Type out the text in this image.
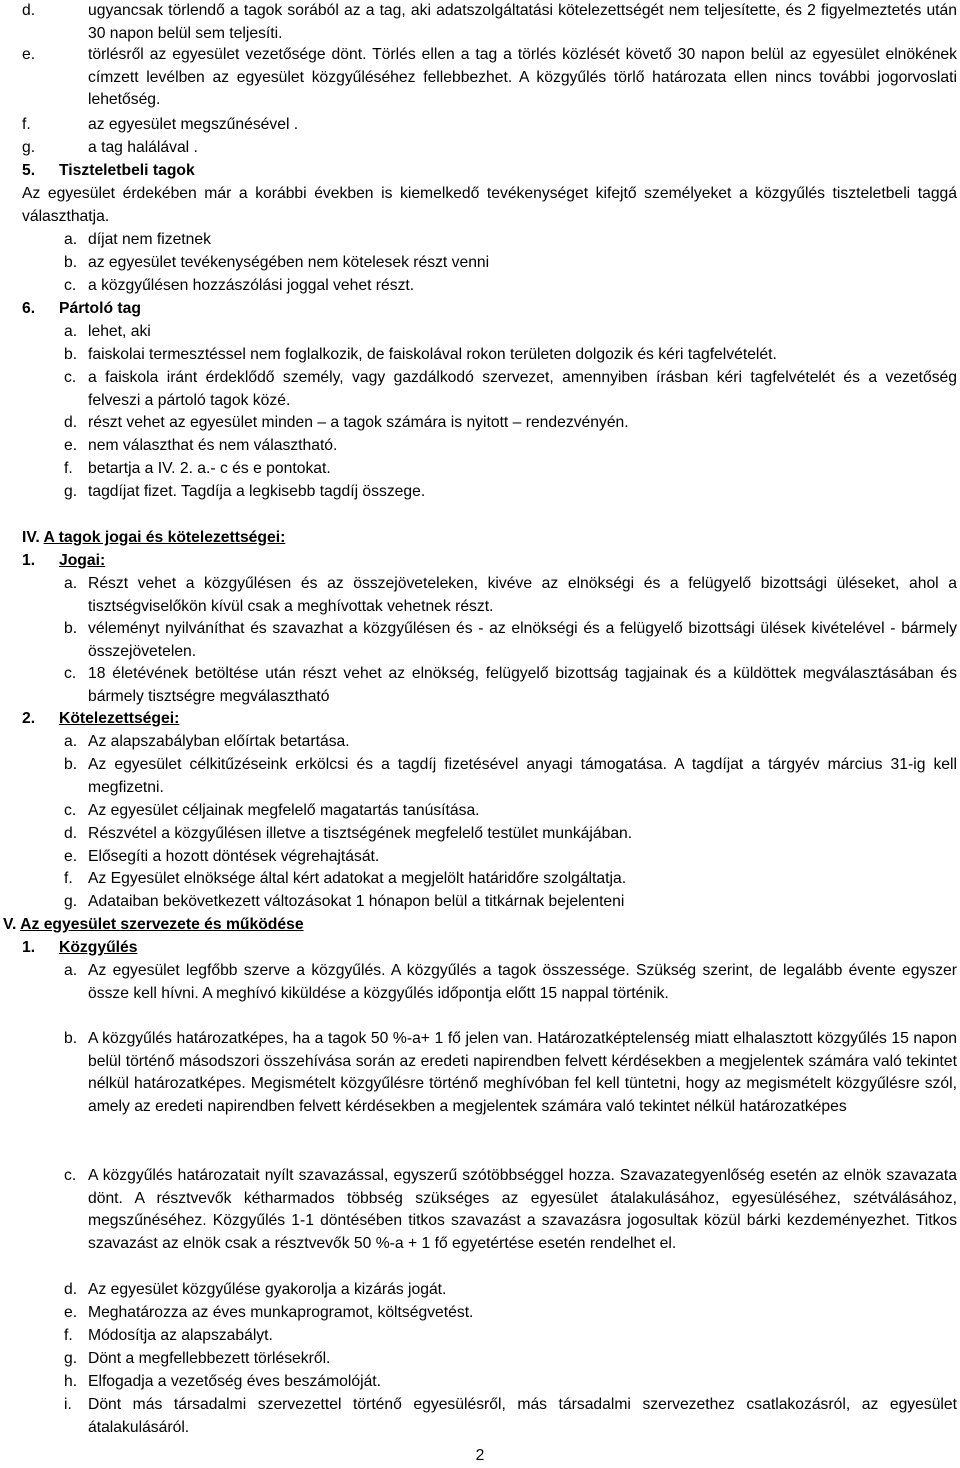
d.	ugyancsak törlendő a tagok sorából az a tag, aki adatszolgáltatási kötelezettségét nem teljesítette, és 2 figyelmeztetés után 30 napon belül sem teljesíti.
e.	törlésről az egyesület vezetősége dönt. Törlés ellen a tag a törlés közlését követő 30 napon belül az egyesület elnökének címzett levélben az egyesület közgyűléséhez fellebbezhet. A közgyűlés törlő határozata ellen nincs további jogorvoslati lehetőség.
f.	az egyesület megszűnésével .
g.	a tag halálával .
5.	Tiszteletbeli tagok
Az egyesület érdekében már a korábbi években is kiemelkedő tevékenységet kifejtő személyeket a közgyűlés tiszteletbeli taggá választhatja.
a. díjat nem fizetnek
b. az egyesület tevékenységében nem kötelesek részt venni
c. a közgyűlésen hozzászólási joggal vehet részt.
6.	Pártoló tag
a. lehet, aki
b. faiskolai termesztéssel nem foglalkozik, de faiskolával rokon területen dolgozik és kéri tagfelvételét.
c. a faiskola iránt érdeklődő személy, vagy gazdálkodó szervezet, amennyiben írásban kéri tagfelvételét és a vezetőség felveszi a pártoló tagok közé.
d. részt vehet az egyesület minden – a tagok számára is nyitott – rendezvényén.
e. nem választhat és nem választható.
f. betartja a IV. 2. a.- c és e pontokat.
g. tagdíjat fizet. Tagdíja a legkisebb tagdíj összege.
IV. A tagok jogai és kötelezettségei:
1. Jogai:
a. Részt vehet a közgyűlésen és az összejöveteleken, kivéve az elnökségi és a felügyelő bizottsági üléseket, ahol a tisztségviselőkön kívül csak a meghívottak vehetnek részt.
b. véleményt nyilváníthat és szavazhat a közgyűlésen és - az elnökségi és a felügyelő bizottsági ülések kivételével - bármely összejövetelen.
c. 18 életévének betöltése után részt vehet az elnökség, felügyelő bizottság tagjainak és a küldöttek megválasztásában és bármely tisztségre megválasztható
2. Kötelezettségei:
a. Az alapszabályban előírtak betartása.
b. Az egyesület célkitűzéseink erkölcsi és a tagdíj fizetésével anyagi támogatása. A tagdíjat a tárgyév március 31-ig kell megfizetni.
c. Az egyesület céljainak megfelelő magatartás tanúsítása.
d. Részvétel a közgyűlésen illetve a tisztségének megfelelő testület munkájában.
e. Elősegíti a hozott döntések végrehajtását.
f. Az Egyesület elnöksége által kért adatokat a megjelölt határidőre szolgáltatja.
g. Adataiban bekövetkezett változásokat 1 hónapon belül a titkárnak bejelenteni
V. Az egyesület szervezete és működése
1. Közgyűlés
a. Az egyesület legfőbb szerve a közgyűlés. A közgyűlés a tagok összessége. Szükség szerint, de legalább évente egyszer össze kell hívni. A meghívó kiküldése a közgyűlés időpontja előtt 15 nappal történik.
b. A közgyűlés határozatképes, ha a tagok 50 %-a+ 1 fő jelen van. Határozatképtelenség miatt elhalasztott közgyűlés 15 napon belül történő másodszori összehívása során az eredeti napirendben felvett kérdésekben a megjelentek számára való tekintet nélkül határozatképes. Megismételt közgyűlésre történő meghívóban fel kell tüntetni, hogy az megismételt közgyűlésre szól, amely az eredeti napirendben felvett kérdésekben a megjelentek számára való tekintet nélkül határozatképes
c. A közgyűlés határozatait nyílt szavazással, egyszerű szótöbbséggel hozza. Szavazategyenlőség esetén az elnök szavazata dönt. A résztvevők kétharmados többség szükséges az egyesület átalakulásához, egyesüléséhez, szétválásához, megszűnéséhez. Közgyűlés 1-1 döntésében titkos szavazást a szavazásra jogosultak közül bárki kezdeményezhet. Titkos szavazást az elnök csak a résztvevők 50 %-a + 1 fő egyetértése esetén rendelhet el.
d. Az egyesület közgyűlése gyakorolja a kizárás jogát.
e. Meghatározza az éves munkaprogramot, költségvetést.
f. Módosítja az alapszabályt.
g. Dönt a megfellebbezett törlésekről.
h. Elfogadja a vezetőség éves beszámolóját.
i.	Dönt más társadalmi szervezettel történő egyesülésről, más társadalmi szervezethez csatlakozásról, az egyesület átalakulásáról.
2
